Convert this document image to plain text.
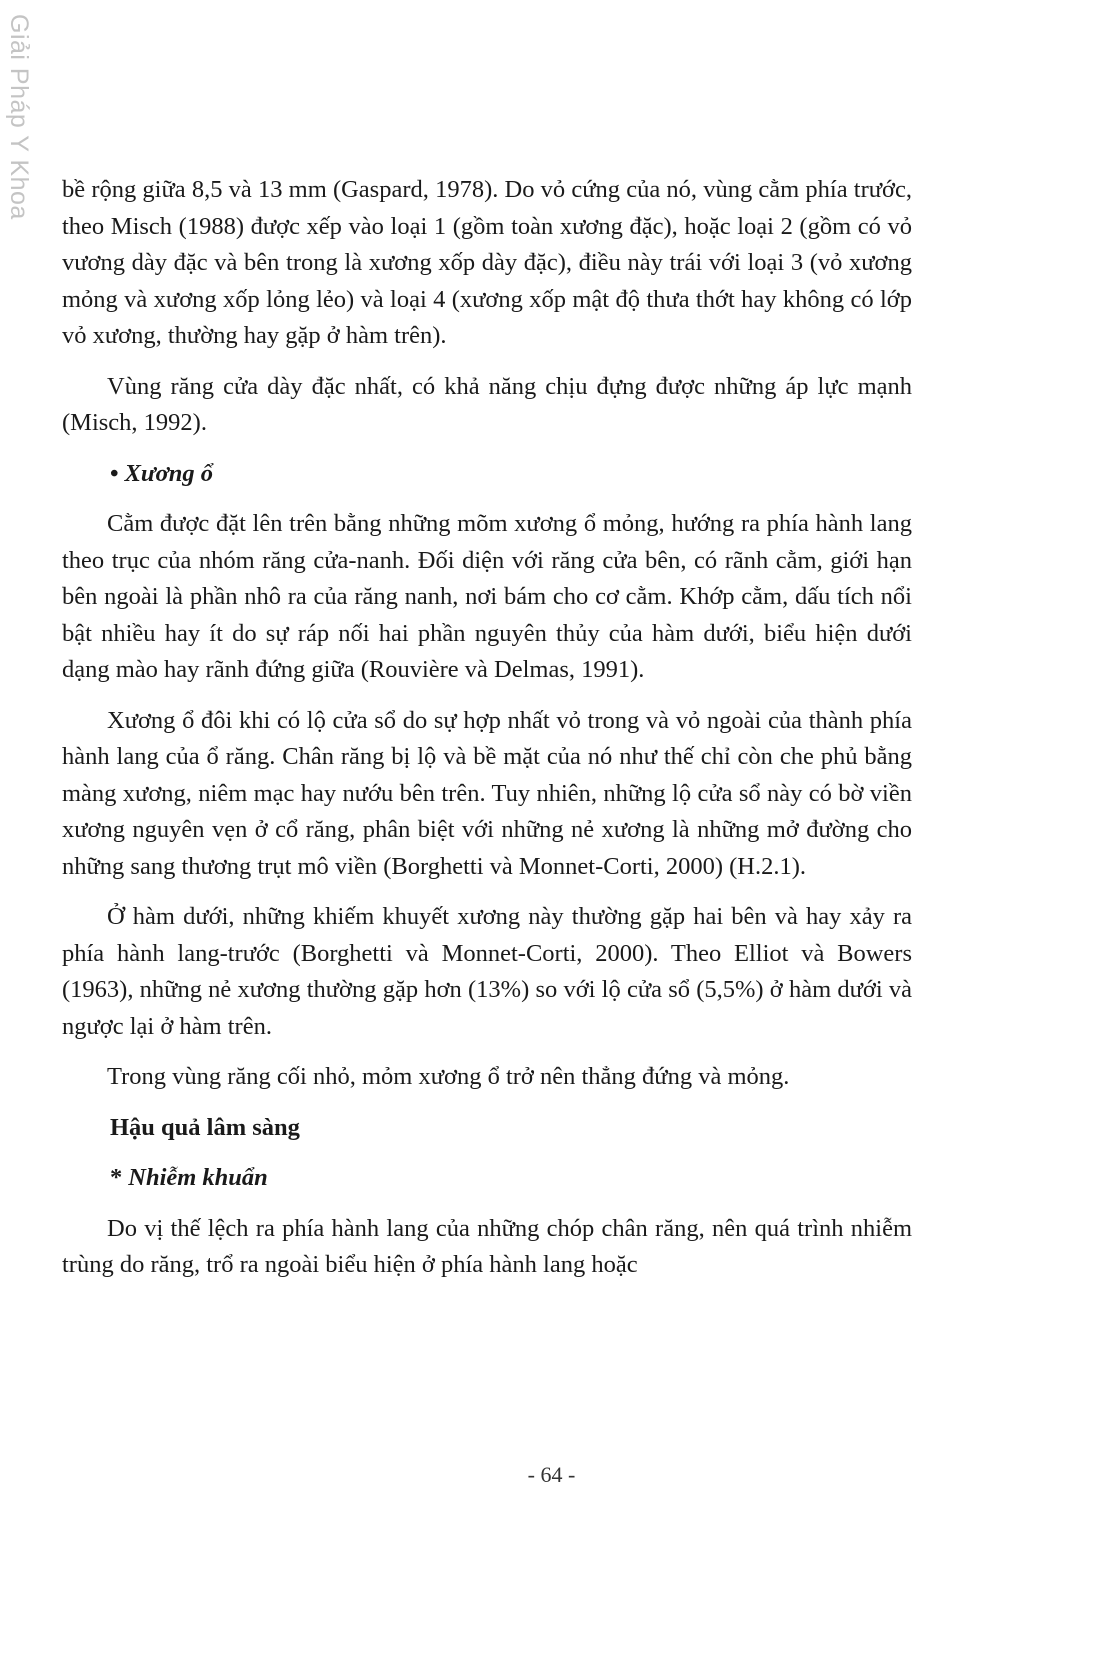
Giải Pháp Y Khoa bề rộng giữa 8,5 và 13 mm (Gaspard, 1978). Do vỏ cứng của nó, vùng cằm phía trước, theo Misch (1988) được xếp vào loại 1 (gồm toàn xương đặc), hoặc loại 2 (gồm có vỏ vương dày đặc và bên trong là xương xốp dày đặc), điều này trái với loại 3 (vỏ xương mỏng và xương xốp lỏng lẻo) và loại 4 (xương xốp mật độ thưa thớt hay không có lớp vỏ xương, thường hay gặp ở hàm trên).

Vùng răng cửa dày đặc nhất, có khả năng chịu đựng được những áp lực mạnh (Misch, 1992).

• Xương ổ

Cằm được đặt lên trên bằng những mõm xương ổ mỏng, hướng ra phía hành lang theo trục của nhóm răng cửa-nanh. Đối diện với răng cửa bên, có rãnh cằm, giới hạn bên ngoài là phần nhô ra của răng nanh, nơi bám cho cơ cằm. Khớp cằm, dấu tích nổi bật nhiều hay ít do sự ráp nối hai phần nguyên thủy của hàm dưới, biểu hiện dưới dạng mào hay rãnh đứng giữa (Rouvière và Delmas, 1991).

Xương ổ đôi khi có lộ cửa sổ do sự hợp nhất vỏ trong và vỏ ngoài của thành phía hành lang của ổ răng. Chân răng bị lộ và bề mặt của nó như thế chỉ còn che phủ bằng màng xương, niêm mạc hay nướu bên trên. Tuy nhiên, những lộ cửa sổ này có bờ viền xương nguyên vẹn ở cổ răng, phân biệt với những nẻ xương là những mở đường cho những sang thương trụt mô viền (Borghetti và Monnet-Corti, 2000) (H.2.1).

Ở hàm dưới, những khiếm khuyết xương này thường gặp hai bên và hay xảy ra phía hành lang-trước (Borghetti và Monnet-Corti, 2000). Theo Elliot và Bowers (1963), những nẻ xương thường gặp hơn (13%) so với lộ cửa sổ (5,5%) ở hàm dưới và ngược lại ở hàm trên.

Trong vùng răng cối nhỏ, mỏm xương ổ trở nên thẳng đứng và mỏng.

Hậu quả lâm sàng
* Nhiễm khuẩn

Do vị thế lệch ra phía hành lang của những chóp chân răng, nên quá trình nhiễm trùng do răng, trổ ra ngoài biểu hiện ở phía hành lang hoặc

- 64 -
